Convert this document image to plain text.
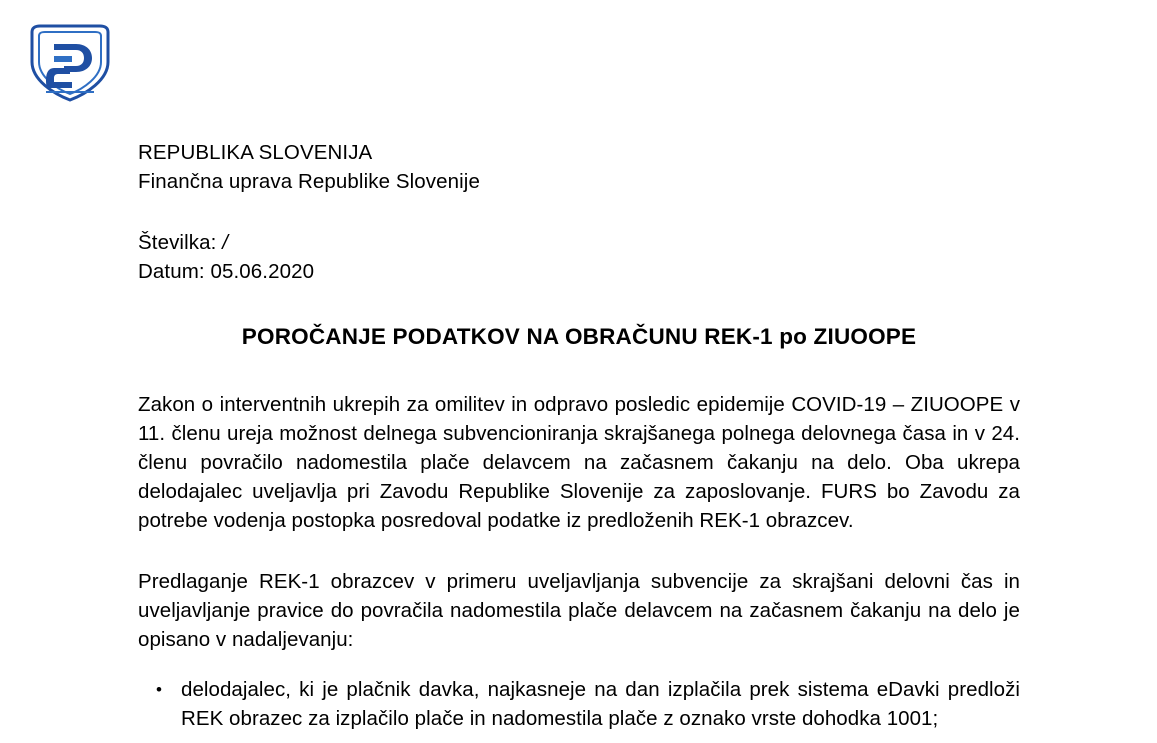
REPUBLIKA SLOVENIJA
Finančna uprava Republike Slovenije
Številka: /
Datum: 05.06.2020
POROČANJE PODATKOV NA OBRAČUNU REK-1 po ZIUOOPE

Zakon o interventnih ukrepih za omilitev in odpravo posledic epidemije COVID-19 – ZIUOOPE v 11. členu ureja možnost delnega subvencioniranja skrajšanega polnega delovnega časa in v 24. členu povračilo nadomestila plače delavcem na začasnem čakanju na delo. Oba ukrepa delodajalec uveljavlja pri Zavodu Republike Slovenije za zaposlovanje. FURS bo Zavodu za potrebe vodenja postopka posredoval podatke iz predloženih REK-1 obrazcev.

Predlaganje REK-1 obrazcev v primeru uveljavljanja subvencije za skrajšani delovni čas in uveljavljanje pravice do povračila nadomestila plače delavcem na začasnem čakanju na delo je opisano v nadaljevanju:

• delodajalec, ki je plačnik davka, najkasneje na dan izplačila prek sistema eDavki predloži REK obrazec za izplačilo plače in nadomestila plače z oznako vrste dohodka 1001;
